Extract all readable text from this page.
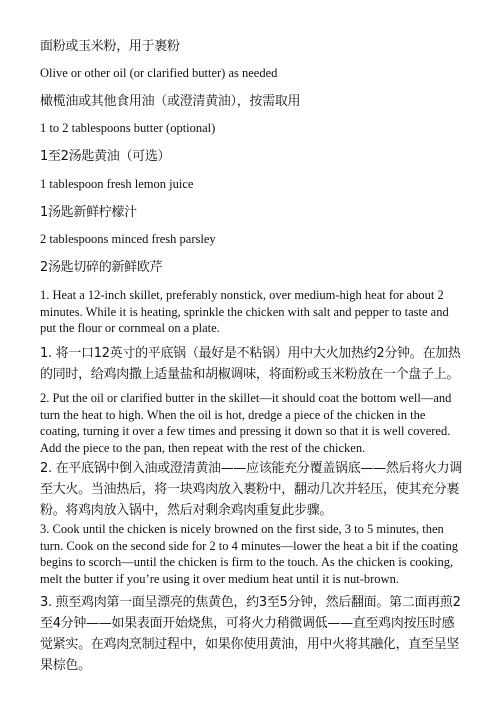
面粉或玉米粉，用于裹粉

Olive or other oil (or clarified butter) as needed

橄榄油或其他食用油（或澄清黄油），按需取用

1 to 2 tablespoons butter (optional)

1至2汤匙黄油（可选）

1 tablespoon fresh lemon juice

1汤匙新鲜柠檬汁

2 tablespoons minced fresh parsley

2汤匙切碎的新鲜欧芹

1. Heat a 12-inch skillet, preferably nonstick, over medium-high heat for about 2 minutes. While it is heating, sprinkle the chicken with salt and pepper to taste and put the flour or cornmeal on a plate.

1. 将一口12英寸的平底锅（最好是不粘锅）用中大火加热约2分钟。在加热的同时，给鸡肉撒上适量盐和胡椒调味，将面粉或玉米粉放在一个盘子上。

2. Put the oil or clarified butter in the skillet—it should coat the bottom well—and turn the heat to high. When the oil is hot, dredge a piece of the chicken in the coating, turning it over a few times and pressing it down so that it is well covered. Add the piece to the pan, then repeat with the rest of the chicken.

2. 在平底锅中倒入油或澄清黄油——应该能充分覆盖锅底——然后将火力调至大火。当油热后，将一块鸡肉放入裹粉中，翻动几次并轻压，使其充分裹粉。将鸡肉放入锅中，然后对剩余鸡肉重复此步骤。

3. Cook until the chicken is nicely browned on the first side, 3 to 5 minutes, then turn. Cook on the second side for 2 to 4 minutes—lower the heat a bit if the coating begins to scorch—until the chicken is firm to the touch. As the chicken is cooking, melt the butter if you’re using it over medium heat until it is nut-brown.

3. 煎至鸡肉第一面呈漂亮的焦黄色，约3至5分钟，然后翻面。第二面再煎2至4分钟——如果表面开始烧焦，可将火力稍微调低——直至鸡肉按压时感觉紧实。在鸡肉烹制过程中，如果你使用黄油，用中火将其融化，直至呈坚果棕色。
